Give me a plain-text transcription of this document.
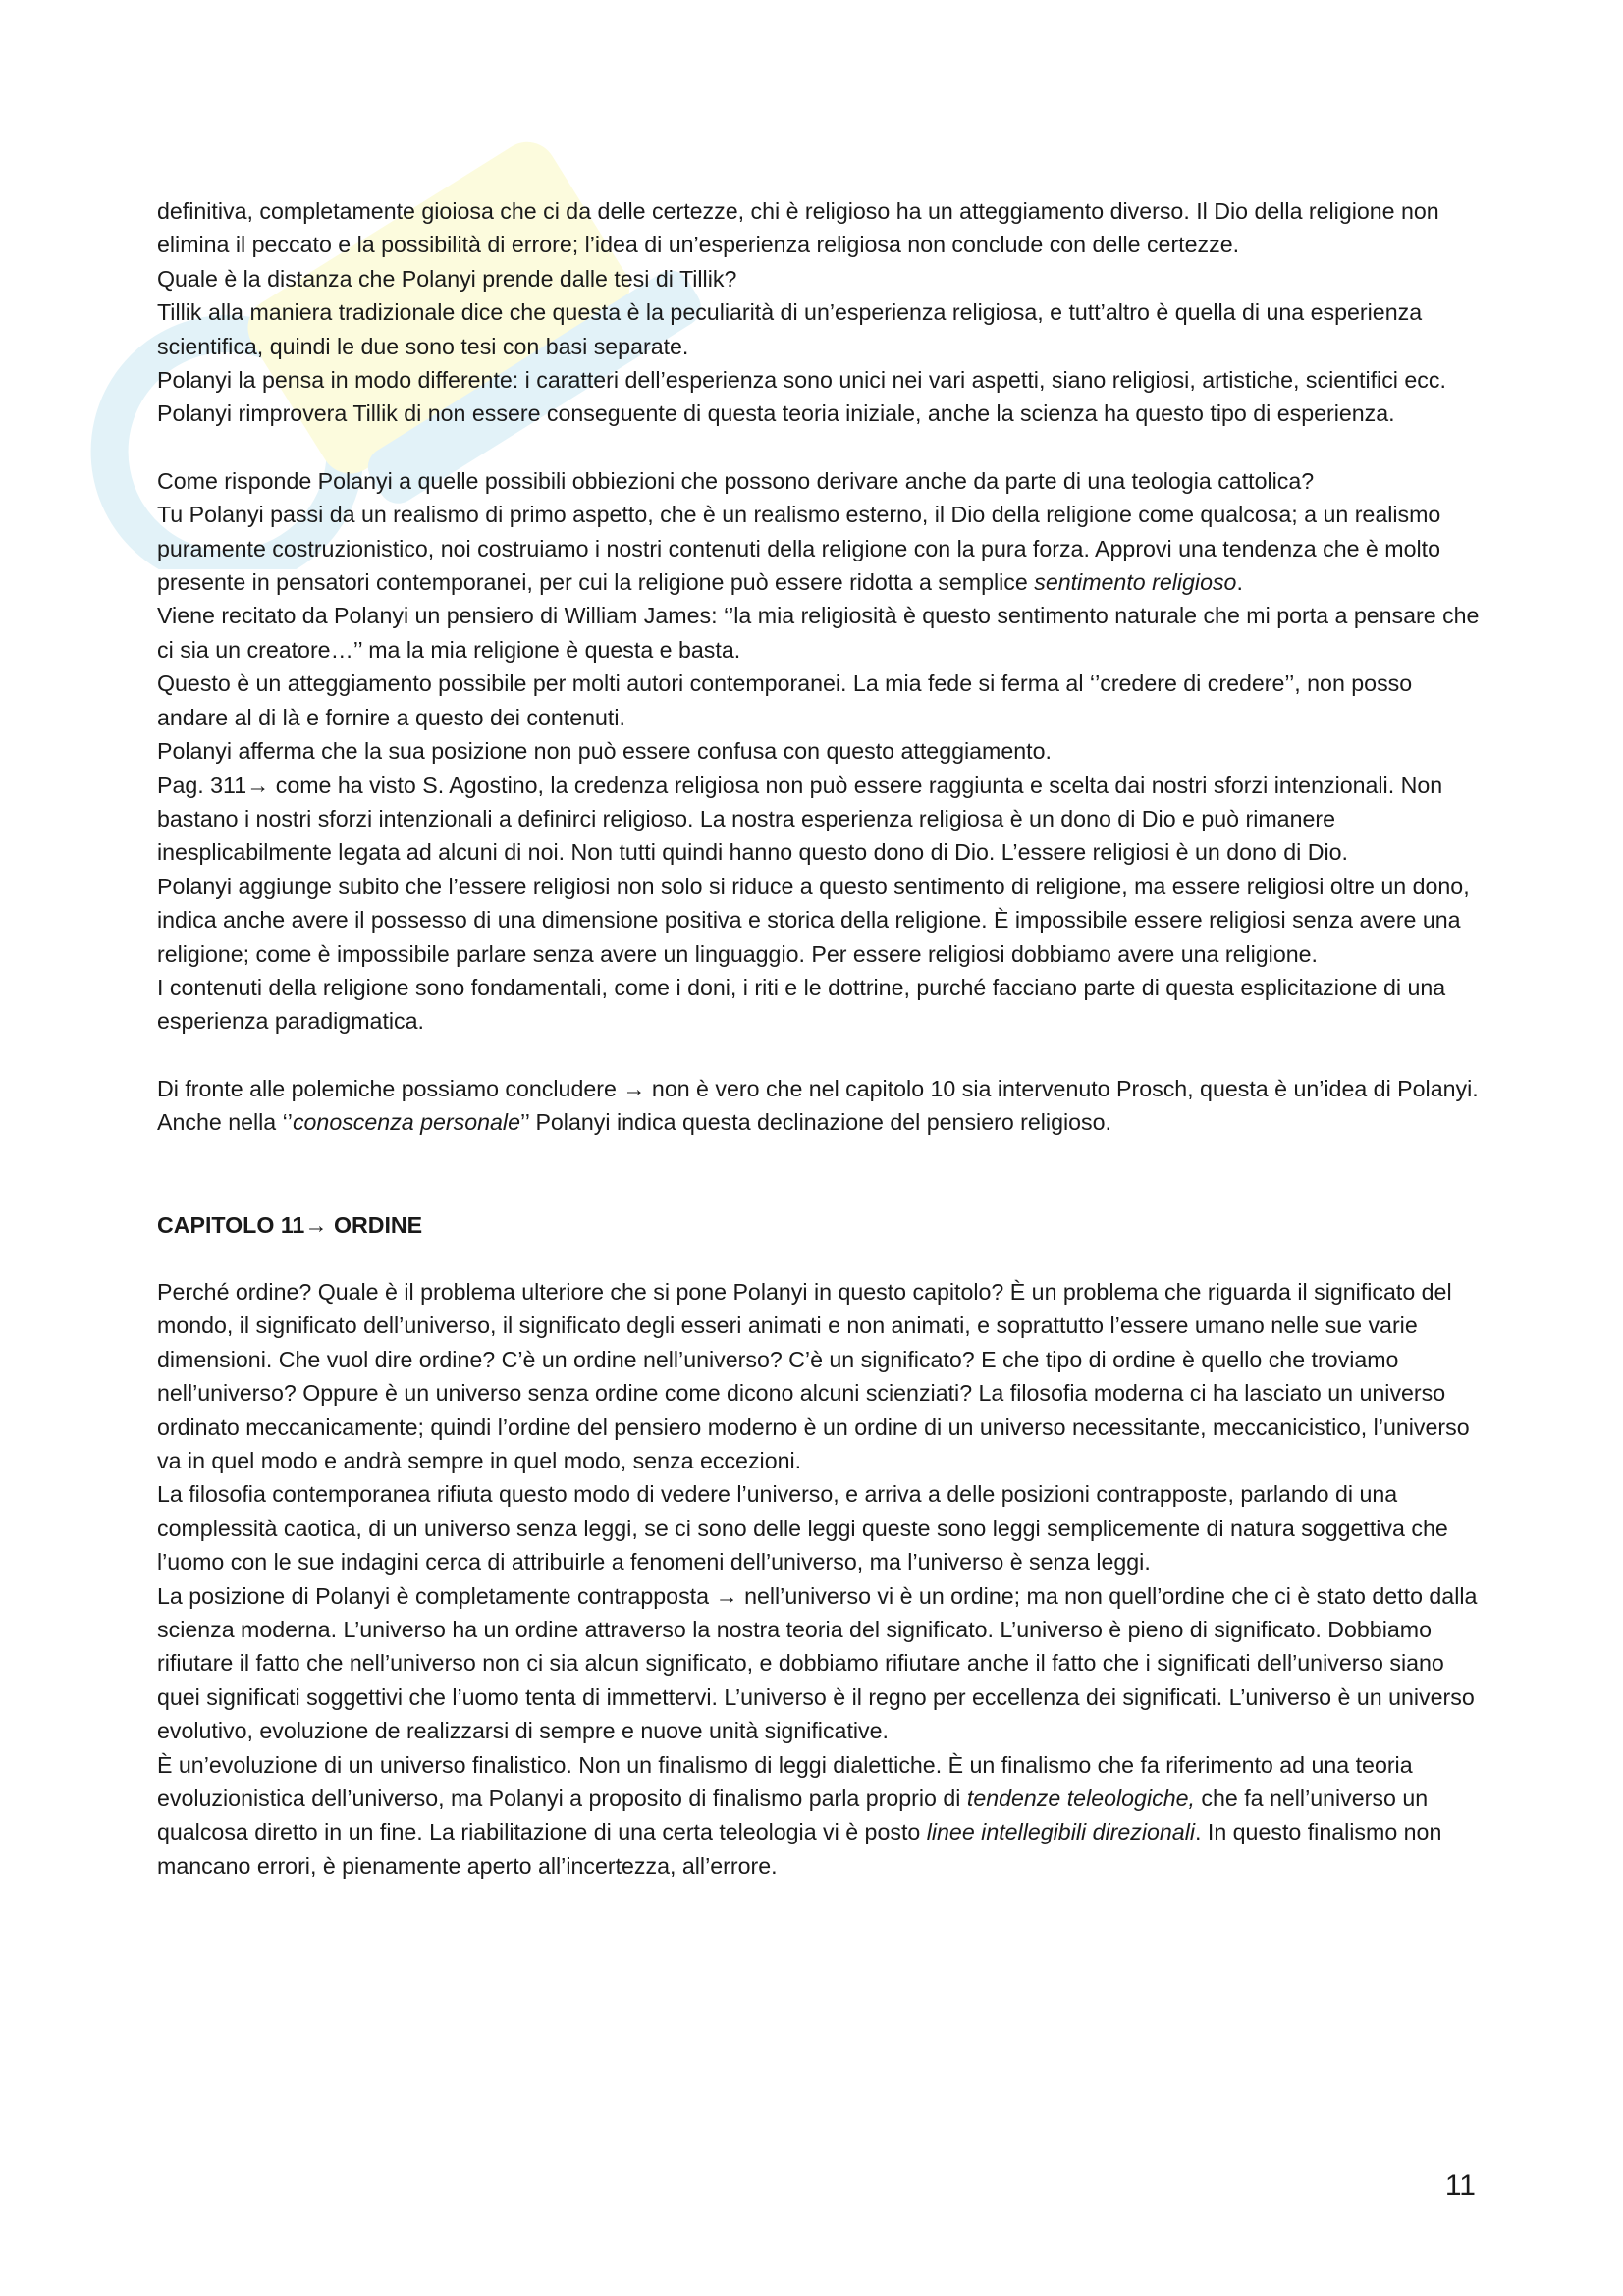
definitiva, completamente gioiosa che ci da delle certezze, chi è religioso ha un atteggiamento diverso. Il Dio della religione non elimina il peccato e la possibilità di errore; l’idea di un’esperienza religiosa non conclude con delle certezze.

Quale è la distanza che Polanyi prende dalle tesi di Tillik?

Tillik alla maniera tradizionale dice che questa è la peculiarità di un’esperienza religiosa, e tutt’altro è quella di una esperienza scientifica, quindi le due sono tesi con basi separate.

Polanyi la pensa in modo differente: i caratteri dell’esperienza sono unici nei vari aspetti, siano religiosi, artistiche, scientifici ecc. Polanyi rimprovera Tillik di non essere conseguente di questa teoria iniziale, anche la scienza ha questo tipo di esperienza.

Come risponde Polanyi a quelle possibili obbiezioni che possono derivare anche da parte di una teologia cattolica?

Tu Polanyi passi da un realismo di primo aspetto, che è un realismo esterno, il Dio della religione come qualcosa; a un realismo puramente costruzionistico, noi costruiamo i nostri contenuti della religione con la pura forza. Approvi una tendenza che è molto presente in pensatori contemporanei, per cui la religione può essere ridotta a semplice sentimento religioso.

Viene recitato da Polanyi un pensiero di William James: ‘’la mia religiosità è questo sentimento naturale che mi porta a pensare che ci sia un creatore…’’ ma la mia religione è questa e basta.

Questo è un atteggiamento possibile per molti autori contemporanei. La mia fede si ferma al ‘’credere di credere’’, non posso andare al di là e fornire a questo dei contenuti.

Polanyi afferma che la sua posizione non può essere confusa con questo atteggiamento.

Pag. 311→ come ha visto S. Agostino, la credenza religiosa non può essere raggiunta e scelta dai nostri sforzi intenzionali. Non bastano i nostri sforzi intenzionali a definirci religioso. La nostra esperienza religiosa è un dono di Dio e può rimanere inesplicabilmente legata ad alcuni di noi. Non tutti quindi hanno questo dono di Dio. L’essere religiosi è un dono di Dio.

Polanyi aggiunge subito che l’essere religiosi non solo si riduce a questo sentimento di religione, ma essere religiosi oltre un dono, indica anche avere il possesso di una dimensione positiva e storica della religione. È impossibile essere religiosi senza avere una religione; come è impossibile parlare senza avere un linguaggio. Per essere religiosi dobbiamo avere una religione.

I contenuti della religione sono fondamentali, come i doni, i riti e le dottrine, purché facciano parte di questa esplicitazione di una esperienza paradigmatica.

Di fronte alle polemiche possiamo concludere → non è vero che nel capitolo 10 sia intervenuto Prosch, questa è un’idea di Polanyi. Anche nella ‘’conoscenza personale’’ Polanyi indica questa declinazione del pensiero religioso.

CAPITOLO 11→ ORDINE

Perché ordine? Quale è il problema ulteriore che si pone Polanyi in questo capitolo? È un problema che riguarda il significato del mondo, il significato dell’universo, il significato degli esseri animati e non animati, e soprattutto l’essere umano nelle sue varie dimensioni. Che vuol dire ordine? C’è un ordine nell’universo? C’è un significato? E che tipo di ordine è quello che troviamo nell’universo? Oppure è un universo senza ordine come dicono alcuni scienziati? La filosofia moderna ci ha lasciato un universo ordinato meccanicamente; quindi l’ordine del pensiero moderno è un ordine di un universo necessitante, meccanicistico, l’universo va in quel modo e andrà sempre in quel modo, senza eccezioni.

La filosofia contemporanea rifiuta questo modo di vedere l’universo, e arriva a delle posizioni contrapposte, parlando di una complessità caotica, di un universo senza leggi, se ci sono delle leggi queste sono leggi semplicemente di natura soggettiva che l’uomo con le sue indagini cerca di attribuirle a fenomeni dell’universo, ma l’universo è senza leggi.

La posizione di Polanyi è completamente contrapposta → nell’universo vi è un ordine; ma non quell’ordine che ci è stato detto dalla scienza moderna. L’universo ha un ordine attraverso la nostra teoria del significato. L’universo è pieno di significato. Dobbiamo rifiutare il fatto che nell’universo non ci sia alcun significato, e dobbiamo rifiutare anche il fatto che i significati dell’universo siano quei significati soggettivi che l’uomo tenta di immettervi. L’universo è il regno per eccellenza dei significati. L’universo è un universo evolutivo, evoluzione de realizzarsi di sempre e nuove unità significative.

È un’evoluzione di un universo finalistico. Non un finalismo di leggi dialettiche. È un finalismo che fa riferimento ad una teoria evoluzionistica dell’universo, ma Polanyi a proposito di finalismo parla proprio di tendenze teleologiche, che fa nell’universo un qualcosa diretto in un fine. La riabilitazione di una certa teleologia vi è posto linee intellegibili direzionali. In questo finalismo non mancano errori, è pienamente aperto all’incertezza, all’errore.

11
